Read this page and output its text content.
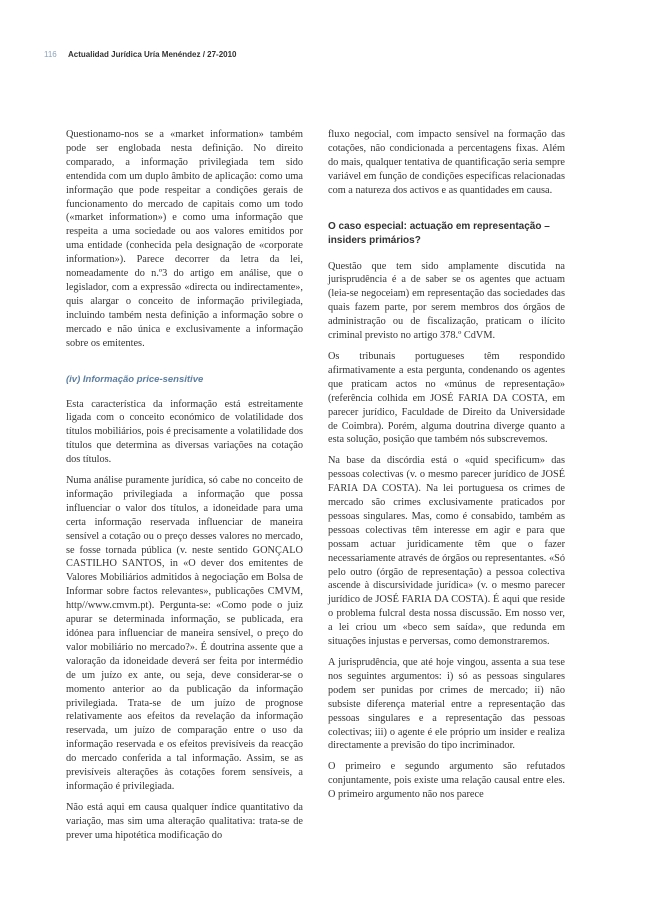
116 Actualidad Jurídica Uría Menéndez / 27-2010

Questionamo-nos se a «market information» também pode ser englobada nesta definição. No direito comparado, a informação privilegiada tem sido entendida com um duplo âmbito de aplicação: como uma informação que pode respeitar a condições gerais de funcionamento do mercado de capitais como um todo («market information») e como uma informação que respeita a uma sociedade ou aos valores emitidos por uma entidade (conhecida pela designação de «corporate information»). Parece decorrer da letra da lei, nomeadamente do n.º3 do artigo em análise, que o legislador, com a expressão «directa ou indirectamente», quis alargar o conceito de informação privilegiada, incluindo também nesta definição a informação sobre o mercado e não única e exclusivamente a informação sobre os emitentes.

(iv) Informação price-sensitive

Esta característica da informação está estreitamente ligada com o conceito económico de volatilidade dos títulos mobiliários, pois é precisamente a volatilidade dos títulos que determina as diversas variações na cotação dos títulos.

Numa análise puramente jurídica, só cabe no conceito de informação privilegiada a informação que possa influenciar o valor dos títulos, a idoneidade para uma certa informação reservada influenciar de maneira sensível a cotação ou o preço desses valores no mercado, se fosse tornada pública (v. neste sentido GONÇALO CASTILHO SANTOS, in «O dever dos emitentes de Valores Mobiliários admitidos à negociação em Bolsa de Informar sobre factos relevantes», publicações CMVM, http//www.cmvm.pt). Pergunta-se: «Como pode o juiz apurar se determinada informação, se publicada, era idónea para influenciar de maneira sensível, o preço do valor mobiliário no mercado?». É doutrina assente que a valoração da idoneidade deverá ser feita por intermédio de um juízo ex ante, ou seja, deve considerar-se o momento anterior ao da publicação da informação privilegiada. Trata-se de um juízo de prognose relativamente aos efeitos da revelação da informação reservada, um juízo de comparação entre o uso da informação reservada e os efeitos previsíveis da reacção do mercado conferida a tal informação. Assim, se as previsíveis alterações às cotações forem sensíveis, a informação é privilegiada.

Não está aqui em causa qualquer índice quantitativo da variação, mas sim uma alteração qualitativa: trata-se de prever uma hipotética modificação do

fluxo negocial, com impacto sensível na formação das cotações, não condicionada a percentagens fixas. Além do mais, qualquer tentativa de quantificação seria sempre variável em função de condições específicas relacionadas com a natureza dos activos e as quantidades em causa.

O caso especial: actuação em representação – insiders primários?

Questão que tem sido amplamente discutida na jurisprudência é a de saber se os agentes que actuam (leia-se negoceiam) em representação das sociedades das quais fazem parte, por serem membros dos órgãos de administração ou de fiscalização, praticam o ilícito criminal previsto no artigo 378.º CdVM.

Os tribunais portugueses têm respondido afirmativamente a esta pergunta, condenando os agentes que praticam actos no «múnus de representação» (referência colhida em JOSÉ FARIA DA COSTA, em parecer jurídico, Faculdade de Direito da Universidade de Coimbra). Porém, alguma doutrina diverge quanto a esta solução, posição que também nós subscrevemos.

Na base da discórdia está o «quid specificum» das pessoas colectivas (v. o mesmo parecer jurídico de JOSÉ FARIA DA COSTA). Na lei portuguesa os crimes de mercado são crimes exclusivamente praticados por pessoas singulares. Mas, como é consabido, também as pessoas colectivas têm interesse em agir e para que possam actuar juridicamente têm que o fazer necessariamente através de órgãos ou representantes. «Só pelo outro (órgão de representação) a pessoa colectiva ascende à discursividade jurídica» (v. o mesmo parecer jurídico de JOSÉ FARIA DA COSTA). É aqui que reside o problema fulcral desta nossa discussão. Em nosso ver, a lei criou um «beco sem saída», que redunda em situações injustas e perversas, como demonstraremos.

A jurisprudência, que até hoje vingou, assenta a sua tese nos seguintes argumentos: i) só as pessoas singulares podem ser punidas por crimes de mercado; ii) não subsiste diferença material entre a representação das pessoas singulares e a representação das pessoas colectivas; iii) o agente é ele próprio um insider e realiza directamente a previsão do tipo incriminador.

O primeiro e segundo argumento são refutados conjuntamente, pois existe uma relação causal entre eles. O primeiro argumento não nos parece
